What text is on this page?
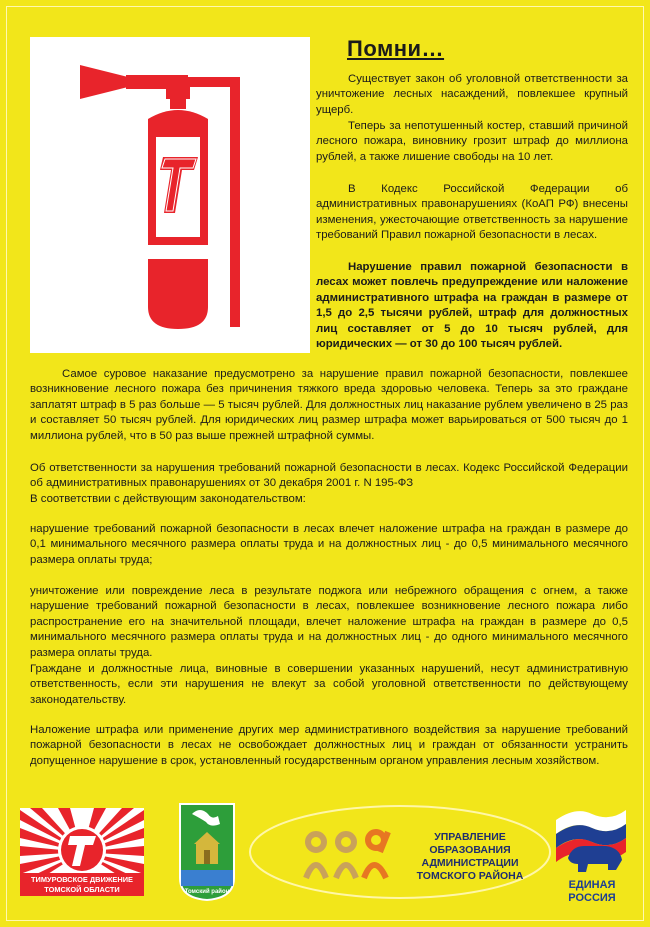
Помни…

Существует закон об уголовной ответственности за уничтожение лесных насаждений, повлекшее крупный ущерб.

Теперь за непотушенный костер, ставший причиной лесного пожара, виновнику грозит штраф до миллиона рублей, а также лишение свободы на 10 лет.

В Кодекс Российской Федерации об административных правонарушениях (КоАП РФ) внесены изменения, ужесточающие ответственность за нарушение требований Правил пожарной безопасности в лесах.

Нарушение правил пожарной безопасности в лесах может повлечь предупреждение или наложение административного штрафа на граждан в размере от 1,5 до 2,5 тысячи рублей, штраф для должностных лиц составляет от 5 до 10 тысяч рублей, для юридических — от 30 до 100 тысяч рублей.

Самое суровое наказание предусмотрено за нарушение правил пожарной безопасности, повлекшее возникновение лесного пожара без причинения тяжкого вреда здоровью человека. Теперь за это граждане заплатят штраф в 5 раз больше — 5 тысяч рублей. Для должностных лиц наказание рублем увеличено в 25 раз и составляет 50 тысяч рублей. Для юридических лиц размер штрафа может варьироваться от 500 тысяч до 1 миллиона рублей, что в 50 раз выше прежней штрафной суммы.

Об ответственности за нарушения требований пожарной безопасности в лесах. Кодекс Российской Федерации об административных правонарушениях от 30 декабря 2001 г. N 195-ФЗ

В соответствии с действующим законодательством:

нарушение требований пожарной безопасности в лесах влечет наложение штрафа на граждан в размере до 0,1 минимального месячного размера оплаты труда и на должностных лиц - до 0,5 минимального месячного размера оплаты труда;

уничтожение или повреждение леса в результате поджога или небрежного обращения с огнем, а также нарушение требований пожарной безопасности в лесах, повлекшее возникновение лесного пожара либо распространение его на значительной площади, влечет наложение штрафа на граждан в размере до 0,5 минимального месячного размера оплаты труда и на должностных лиц - до одного минимального месячного размера оплаты труда.

Граждане и должностные лица, виновные в совершении указанных нарушений, несут административную ответственность, если эти нарушения не влекут за собой уголовной ответственности по действующему законодательству.

Наложение штрафа или применение других мер административного воздействия за нарушение требований пожарной безопасности в лесах не освобождает должностных лиц и граждан от обязанности устранить допущенное нарушение в срок, установленный государственным органом управления лесным хозяйством.

ТИМУРОВСКОЕ ДВИЖЕНИЕ
ТОМСКОЙ ОБЛАСТИ	Томский район
УПРАВЛЕНИЕ
ОБРАЗОВАНИЯ
АДМИНИСТРАЦИИ
ТОМСКОГО РАЙОНА
ЕДИНАЯ
РОССИЯ
